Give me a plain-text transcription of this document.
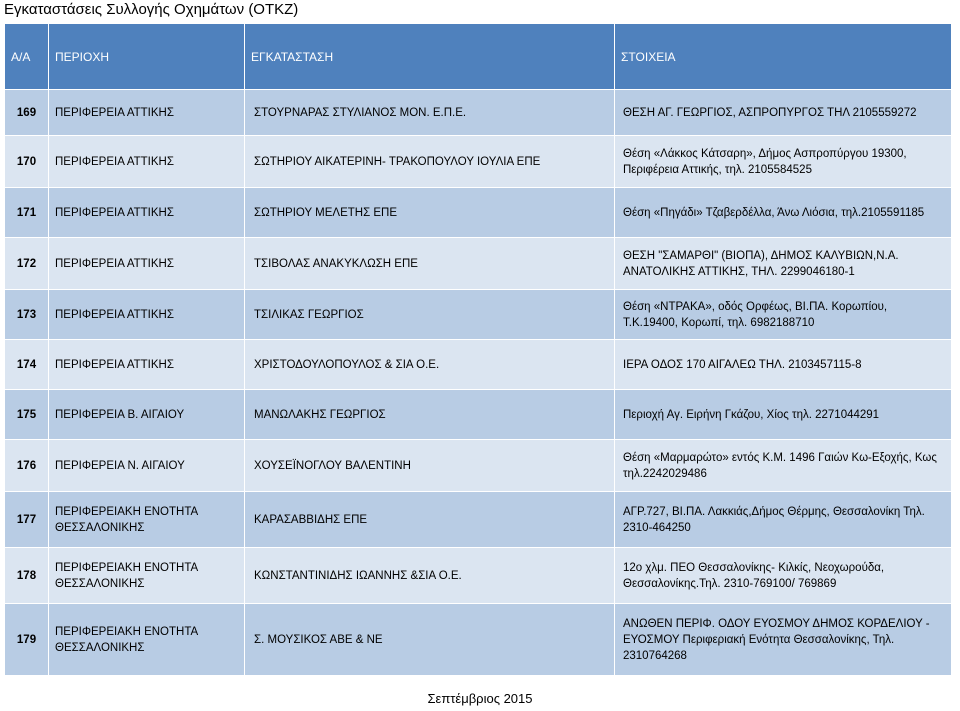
Εγκαταστάσεις Συλλογής Οχημάτων (ΟΤΚΖ)
Α/Α	ΠΕΡΙΟΧΗ	ΕΓΚΑΤΑΣΤΑΣΗ	ΣΤΟΙΧΕΙΑ
169	ΠΕΡΙΦΕΡΕΙΑ ΑΤΤΙΚΗΣ	ΣΤΟΥΡΝΑΡΑΣ ΣΤΥΛΙΑΝΟΣ ΜΟΝ. Ε.Π.Ε.	ΘΕΣΗ ΑΓ. ΓΕΩΡΓΙΟΣ, ΑΣΠΡΟΠΥΡΓΟΣ ΤΗΛ 2105559272
170	ΠΕΡΙΦΕΡΕΙΑ ΑΤΤΙΚΗΣ	ΣΩΤΗΡΙΟΥ ΑΙΚΑΤΕΡΙΝΗ- ΤΡΑΚΟΠΟΥΛΟΥ ΙΟΥΛΙΑ ΕΠΕ	Θέση «Λάκκος Κάτσαρη», Δήμος Ασπροπύργου 19300, Περιφέρεια Αττικής, τηλ. 2105584525
171	ΠΕΡΙΦΕΡΕΙΑ ΑΤΤΙΚΗΣ	ΣΩΤΗΡΙΟΥ ΜΕΛΕΤΗΣ ΕΠΕ	Θέση «Πηγάδι» Τζαβερδέλλα, Άνω Λιόσια, τηλ.2105591185
172	ΠΕΡΙΦΕΡΕΙΑ ΑΤΤΙΚΗΣ	ΤΣΙΒΟΛΑΣ ΑΝΑΚΥΚΛΩΣΗ ΕΠΕ	ΘΕΣΗ "ΣΑΜΑΡΘΙ" (ΒΙΟΠΑ), ΔΗΜΟΣ ΚΑΛΥΒΙΩΝ,Ν.Α. ΑΝΑΤΟΛΙΚΗΣ ΑΤΤΙΚΗΣ, ΤΗΛ. 2299046180-1
173	ΠΕΡΙΦΕΡΕΙΑ ΑΤΤΙΚΗΣ	ΤΣΙΛΙΚΑΣ ΓΕΩΡΓΙΟΣ	Θέση «ΝΤΡΑΚΑ», οδός Ορφέως, ΒΙ.ΠΑ. Κορωπίου, Τ.Κ.19400, Κορωπί, τηλ. 6982188710
174	ΠΕΡΙΦΕΡΕΙΑ ΑΤΤΙΚΗΣ	ΧΡΙΣΤΟΔΟΥΛΟΠΟΥΛΟΣ & ΣΙΑ Ο.Ε.	ΙΕΡΑ ΟΔΟΣ 170 ΑΙΓΑΛΕΩ ΤΗΛ. 2103457115-8
175	ΠΕΡΙΦΕΡΕΙΑ Β. ΑΙΓΑΙΟΥ	ΜΑΝΩΛΑΚΗΣ ΓΕΩΡΓΙΟΣ	Περιοχή Αγ. Ειρήνη Γκάζου, Χίος τηλ. 2271044291
176	ΠΕΡΙΦΕΡΕΙΑ Ν. ΑΙΓΑΙΟΥ	ΧΟΥΣΕΪΝΟΓΛΟΥ ΒΑΛΕΝΤΙΝΗ	Θέση «Μαρμαρώτο» εντός Κ.Μ. 1496 Γαιών Κω-Εξοχής, Κως τηλ.2242029486
177	ΠΕΡΙΦΕΡΕΙΑΚΗ ΕΝΟΤΗΤΑ ΘΕΣΣΑΛΟΝΙΚΗΣ	ΚΑΡΑΣΑΒΒΙΔΗΣ ΕΠΕ	ΑΓΡ.727, ΒΙ.ΠΑ. Λακκιάς,Δήμος Θέρμης, Θεσσαλονίκη Τηλ. 2310-464250
178	ΠΕΡΙΦΕΡΕΙΑΚΗ ΕΝΟΤΗΤΑ ΘΕΣΣΑΛΟΝΙΚΗΣ	ΚΩΝΣΤΑΝΤΙΝΙΔΗΣ ΙΩΑΝΝΗΣ &ΣΙΑ Ο.Ε.	12ο χλμ. ΠΕΟ Θεσσαλονίκης- Κιλκίς, Νεοχωρούδα, Θεσσαλονίκης.Τηλ. 2310-769100/ 769869
179	ΠΕΡΙΦΕΡΕΙΑΚΗ ΕΝΟΤΗΤΑ ΘΕΣΣΑΛΟΝΙΚΗΣ	Σ. ΜΟΥΣΙΚΟΣ ΑΒΕ & ΝΕ	ΑΝΩΘΕΝ ΠΕΡΙΦ. ΟΔΟΥ ΕΥΟΣΜΟΥ ΔΗΜΟΣ ΚΟΡΔΕΛΙΟΥ - ΕΥΟΣΜΟΥ Περιφεριακή Ενότητα Θεσσαλονίκης, Τηλ. 2310764268
Σεπτέμβριος 2015
